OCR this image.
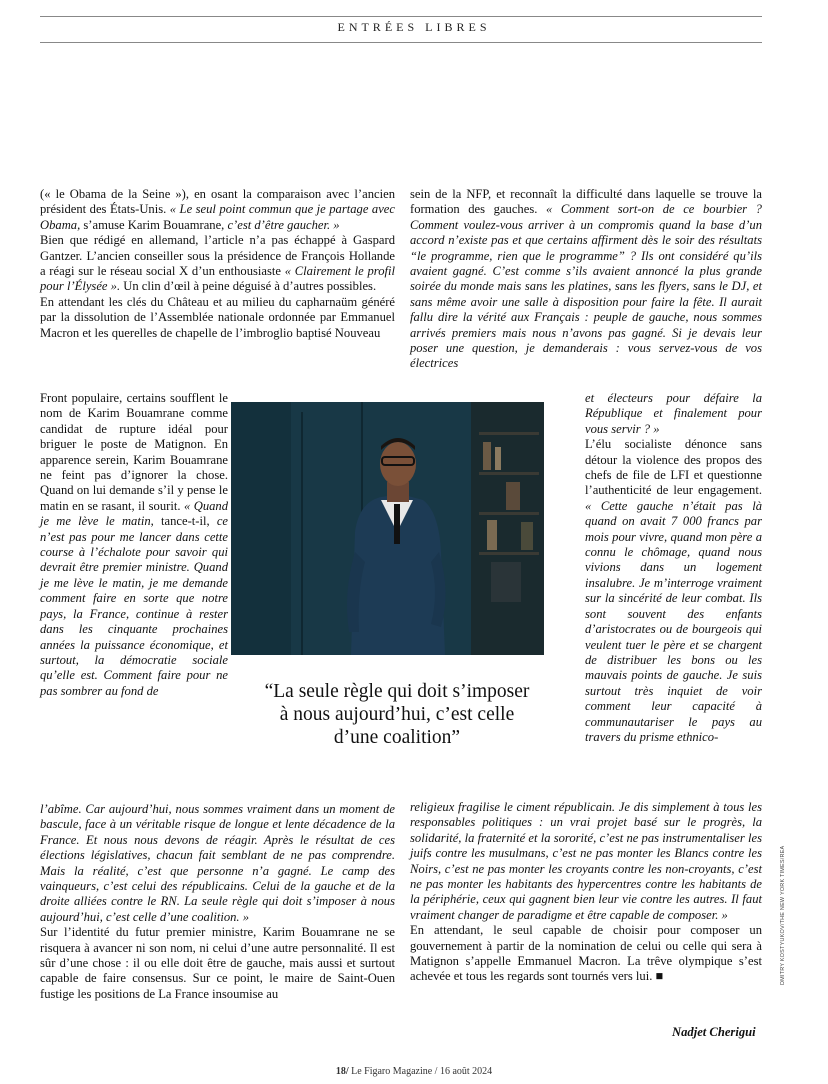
ENTRÉES LIBRES

(« le Obama de la Seine »), en osant la comparaison avec l’ancien président des États-Unis. « Le seul point commun que je partage avec Obama, s’amuse Karim Bouamrane, c’est d’être gaucher. »

Bien que rédigé en allemand, l’article n’a pas échappé à Gaspard Gantzer. L’ancien conseiller sous la présidence de François Hollande a réagi sur le réseau social X d’un enthousiaste « Clairement le profil pour l’Élysée ». Un clin d’œil à peine déguisé à d’autres possibles.

En attendant les clés du Château et au milieu du capharnaüm généré par la dissolution de l’Assemblée nationale ordonnée par Emmanuel Macron et les querelles de chapelle de l’imbroglio baptisé Nouveau

Front populaire, certains soufflent le nom de Karim Bouamrane comme candidat de rupture idéal pour briguer le poste de Matignon. En apparence serein, Karim Bouamrane ne feint pas d’ignorer la chose. Quand on lui demande s’il y pense le matin en se rasant, il sourit. « Quand je me lève le matin, tance-t-il, ce n’est pas pour me lancer dans cette course à l’échalote pour savoir qui devrait être premier ministre. Quand je me lève le matin, je me demande comment faire en sorte que notre pays, la France, continue à rester dans les cinquante prochaines années la puissance économique, et surtout, la démocratie sociale qu’elle est. Comment faire pour ne pas sombrer au fond de

l’abîme. Car aujourd’hui, nous sommes vraiment dans un moment de bascule, face à un véritable risque de longue et lente décadence de la France. Et nous nous devons de réagir. Après le résultat de ces élections législatives, chacun fait semblant de ne pas comprendre. Mais la réalité, c’est que personne n’a gagné. Le camp des vainqueurs, c’est celui des républicains. Celui de la gauche et de la droite alliées contre le RN. La seule règle qui doit s’imposer à nous aujourd’hui, c’est celle d’une coalition. »

Sur l’identité du futur premier ministre, Karim Bouamrane ne se risquera à avancer ni son nom, ni celui d’une autre personnalité. Il est sûr d’une chose : il ou elle doit être de gauche, mais aussi et surtout capable de faire consensus. Sur ce point, le maire de Saint-Ouen fustige les positions de La France insoumise au

sein de la NFP, et reconnaît la difficulté dans laquelle se trouve la formation des gauches. « Comment sort-on de ce bourbier ? Comment voulez-vous arriver à un compromis quand la base d’un accord n’existe pas et que certains affirment dès le soir des résultats “le programme, rien que le programme” ? Ils ont considéré qu’ils avaient gagné. C’est comme s’ils avaient annoncé la plus grande soirée du monde mais sans les platines, sans les flyers, sans le DJ, et sans même avoir une salle à disposition pour faire la fête. Il aurait fallu dire la vérité aux Français : peuple de gauche, nous sommes arrivés premiers mais nous n’avons pas gagné. Si je devais leur poser une question, je demanderais : vous servez-vous de vos électrices

et électeurs pour défaire la République et finalement pour vous servir ? »

L’élu socialiste dénonce sans détour la violence des propos des chefs de file de LFI et questionne l’authenticité de leur engagement. « Cette gauche n’était pas là quand on avait 7 000 francs par mois pour vivre, quand mon père a connu le chômage, quand nous vivions dans un logement insalubre. Je m’interroge vraiment sur la sincérité de leur combat. Ils sont souvent des enfants d’aristocrates ou de bourgeois qui veulent tuer le père et se chargent de distribuer les bons ou les mauvais points de gauche. Je suis surtout très inquiet de voir comment leur capacité à communautariser le pays au travers du prisme ethnico-

religieux fragilise le ciment républicain. Je dis simplement à tous les responsables politiques : un vrai projet basé sur le progrès, la solidarité, la fraternité et la sororité, c’est ne pas instrumentaliser les juifs contre les musulmans, c’est ne pas monter les Blancs contre les Noirs, c’est ne pas monter les croyants contre les non-croyants, c’est ne pas monter les habitants des hypercentres contre les habitants de la périphérie, ceux qui gagnent bien leur vie contre les autres. Il faut vraiment changer de paradigme et être capable de composer. »

En attendant, le seul capable de choisir pour composer un gouvernement à partir de la nomination de celui ou celle qui sera à Matignon s’appelle Emmanuel Macron. La trêve olympique s’est achevée et tous les regards sont tournés vers lui. ■

Nadjet Cherigui
“La seule règle qui doit s’imposer à nous aujourd’hui, c’est celle d’une coalition”
DMITRY KOSTYUKOV/THE NEW YORK TIMES/REA
18/ Le Figaro Magazine / 16 août 2024
